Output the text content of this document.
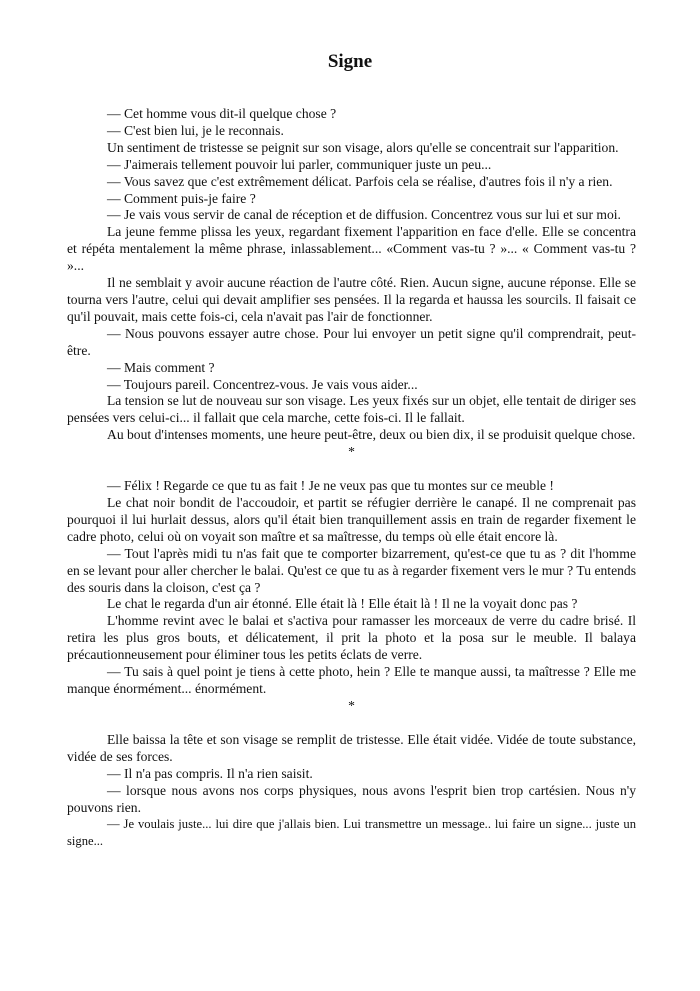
Signe

— Cet homme vous dit-il quelque chose ?

— C'est bien lui, je le reconnais.

Un sentiment de tristesse se peignit sur son visage, alors qu'elle se concentrait sur l'apparition.

— J'aimerais tellement pouvoir lui parler, communiquer juste un peu...

— Vous savez que c'est extrêmement délicat. Parfois cela se réalise, d'autres fois il n'y a rien.

— Comment puis-je faire ?

— Je vais vous servir de canal de réception et de diffusion. Concentrez vous sur lui et sur moi.

La jeune femme plissa les yeux, regardant fixement l'apparition en face d'elle. Elle se concentra et répéta mentalement la même phrase, inlassablement... «Comment vas-tu ? »... « Comment vas-tu ? »...

Il ne semblait y avoir aucune réaction de l'autre côté. Rien. Aucun signe, aucune réponse. Elle se tourna vers l'autre, celui qui devait amplifier ses pensées. Il la regarda et haussa les sourcils. Il faisait ce qu'il pouvait, mais cette fois-ci, cela n'avait pas l'air de fonctionner.

— Nous pouvons essayer autre chose. Pour lui envoyer un petit signe qu'il comprendrait, peut-être.

— Mais comment ?

— Toujours pareil. Concentrez-vous. Je vais vous aider...

La tension se lut de nouveau sur son visage. Les yeux fixés sur un objet, elle tentait de diriger ses pensées vers celui-ci... il fallait que cela marche, cette fois-ci. Il le fallait.

Au bout d'intenses moments, une heure peut-être, deux ou bien dix, il se produisit quelque chose.

*

— Félix ! Regarde ce que tu as fait ! Je ne veux pas que tu montes sur ce meuble !

Le chat noir bondit de l'accoudoir, et partit se réfugier derrière le canapé. Il ne comprenait pas pourquoi il lui hurlait dessus, alors qu'il était bien tranquillement assis en train de regarder fixement le cadre photo, celui où on voyait son maître et sa maîtresse, du temps où elle était encore là.

— Tout l'après midi tu n'as fait que te comporter bizarrement, qu'est-ce que tu as ? dit l'homme en se levant pour aller chercher le balai. Qu'est ce que tu as à regarder fixement vers le mur ? Tu entends des souris dans la cloison, c'est ça ?

Le chat le regarda d'un air étonné. Elle était là ! Elle était là ! Il ne la voyait donc pas ?

L'homme revint avec le balai et s'activa pour ramasser les morceaux de verre du cadre brisé. Il retira les plus gros bouts, et délicatement, il prit la photo et la posa sur le meuble. Il balaya précautionneusement pour éliminer tous les petits éclats de verre.

— Tu sais à quel point je tiens à cette photo, hein ? Elle te manque aussi, ta maîtresse ? Elle me manque énormément... énormément.

*

Elle baissa la tête et son visage se remplit de tristesse. Elle était vidée. Vidée de toute substance, vidée de ses forces.

— Il n'a pas compris. Il n'a rien saisit.

— lorsque nous avons nos corps physiques, nous avons l'esprit bien trop cartésien. Nous n'y pouvons rien.

— Je voulais juste... lui dire que j'allais bien. Lui transmettre un message.. lui faire un signe... juste un signe...
